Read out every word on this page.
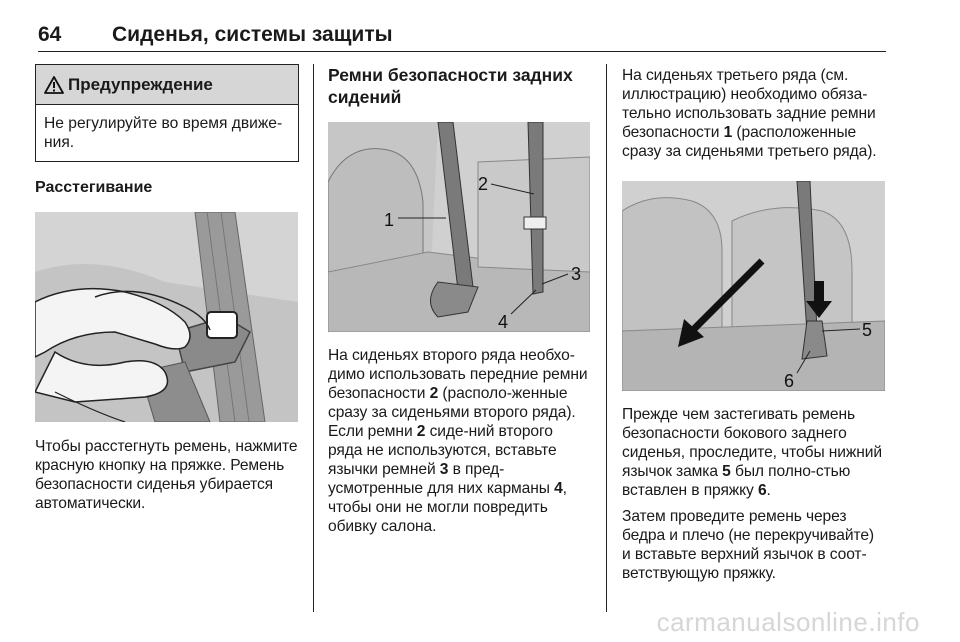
64	Сиденья, системы защиты
Предупреждение
Не регулируйте во время движе-ния.
Расстегивание

Чтобы расстегнуть ремень, нажмите красную кнопку на пряжке. Ремень безопасности сиденья убирается автоматически.

Ремни безопасности задних сидений
1
2
3
4

На сиденьях второго ряда необхо-димо использовать передние ремни безопасности 2 (располо-женные сразу за сиденьями второго ряда). Если ремни 2 сиде-ний второго ряда не используются, вставьте язычки ремней 3 в пред-усмотренные для них карманы 4, чтобы они не могли повредить обивку салона.

На сиденьях третьего ряда (см. иллюстрацию) необходимо обяза-тельно использовать задние ремни безопасности 1 (расположенные сразу за сиденьями третьего ряда).

5
6

Прежде чем застегивать ремень безопасности бокового заднего сиденья, проследите, чтобы нижний язычок замка 5 был полно-стью вставлен в пряжку 6.

Затем проведите ремень через бедра и плечо (не перекручивайте) и вставьте верхний язычок в соот-ветствующую пряжку.

carmanualsonline.info
